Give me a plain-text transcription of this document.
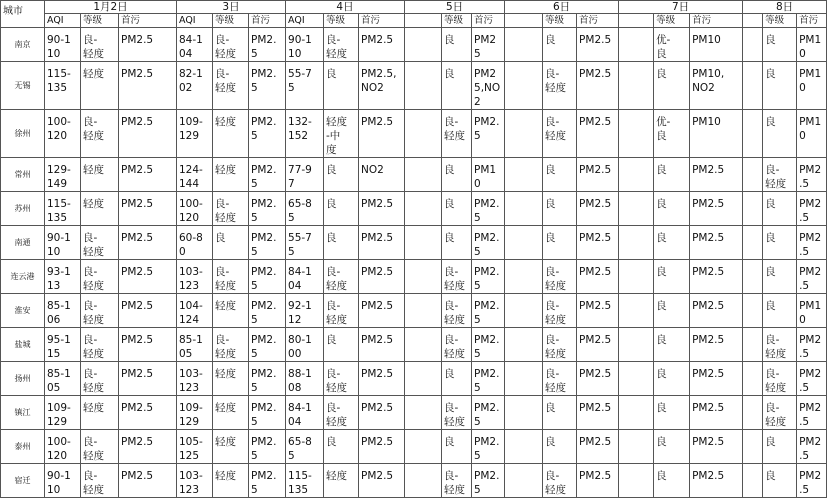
城市	1月2日			3日			4日			5日			6日			7日			8日		
	AQI	等级	首污	AQI	等级	首污	AQI	等级	首污		等级	首污		等级	首污		等级	首污		等级	首污
南京	90-1
10	良-
轻度	PM2.5	84-1
04	良-
轻度	PM2.
5	90-1
10	良-
轻度	PM2.5		良	PM2
5		良	PM2.5		优-
良	PM10		良	PM1
0
无锡	115-
135	轻度	PM2.5	82-1
02	良-
轻度	PM2.
5	55-7
5	良	PM2.5,
NO2		良	PM2
5,NO
2		良-
轻度	PM2.5		良	PM10,
NO2		良	PM1
0
徐州	100-
120	良-
轻度	PM2.5	109-
129	轻度	PM2.
5	132-
152	轻度
-中
度	PM2.5		良-
轻度	PM2.
5		良-
轻度	PM2.5		优-
良	PM10		良	PM1
0
常州	129-
149	轻度	PM2.5	124-
144	轻度	PM2.
5	77-9
7	良	NO2		良	PM1
0		良	PM2.5		良	PM2.5		良-
轻度	PM2
.5
苏州	115-
135	轻度	PM2.5	100-
120	良-
轻度	PM2.
5	65-8
5	良	PM2.5		良	PM2.
5		良	PM2.5		良	PM2.5		良	PM2
.5
南通	90-1
10	良-
轻度	PM2.5	60-8
0	良	PM2.
5	55-7
5	良	PM2.5		良	PM2.
5		良	PM2.5		良	PM2.5		良	PM2
.5
连云港	93-1
13	良-
轻度	PM2.5	103-
123	良-
轻度	PM2.
5	84-1
04	良-
轻度	PM2.5		良-
轻度	PM2.
5		良-
轻度	PM2.5		良	PM2.5		良	PM2
.5
淮安	85-1
06	良-
轻度	PM2.5	104-
124	轻度	PM2.
5	92-1
12	良-
轻度	PM2.5		良-
轻度	PM2.
5		良-
轻度	PM2.5		良	PM2.5		良	PM1
0
盐城	95-1
15	良-
轻度	PM2.5	85-1
05	良-
轻度	PM2.
5	80-1
00	良	PM2.5		良-
轻度	PM2.
5		良-
轻度	PM2.5		良	PM2.5		良-
轻度	PM2
.5
扬州	85-1
05	良-
轻度	PM2.5	103-
123	轻度	PM2.
5	88-1
08	良-
轻度	PM2.5		良	PM2.
5		良-
轻度	PM2.5		良	PM2.5		良-
轻度	PM2
.5
镇江	109-
129	轻度	PM2.5	109-
129	轻度	PM2.
5	84-1
04	良-
轻度	PM2.5		良-
轻度	PM2.
5		良	PM2.5		良	PM2.5		良-
轻度	PM2
.5
泰州	100-
120	良-
轻度	PM2.5	105-
125	轻度	PM2.
5	65-8
5	良	PM2.5		良	PM2.
5		良	PM2.5		良	PM2.5		良	PM2
.5
宿迁	90-1
10	良-
轻度	PM2.5	103-
123	轻度	PM2.
5	115-
135	轻度	PM2.5		良-
轻度	PM2.
5		良-
轻度	PM2.5		良	PM2.5		良	PM2
.5
